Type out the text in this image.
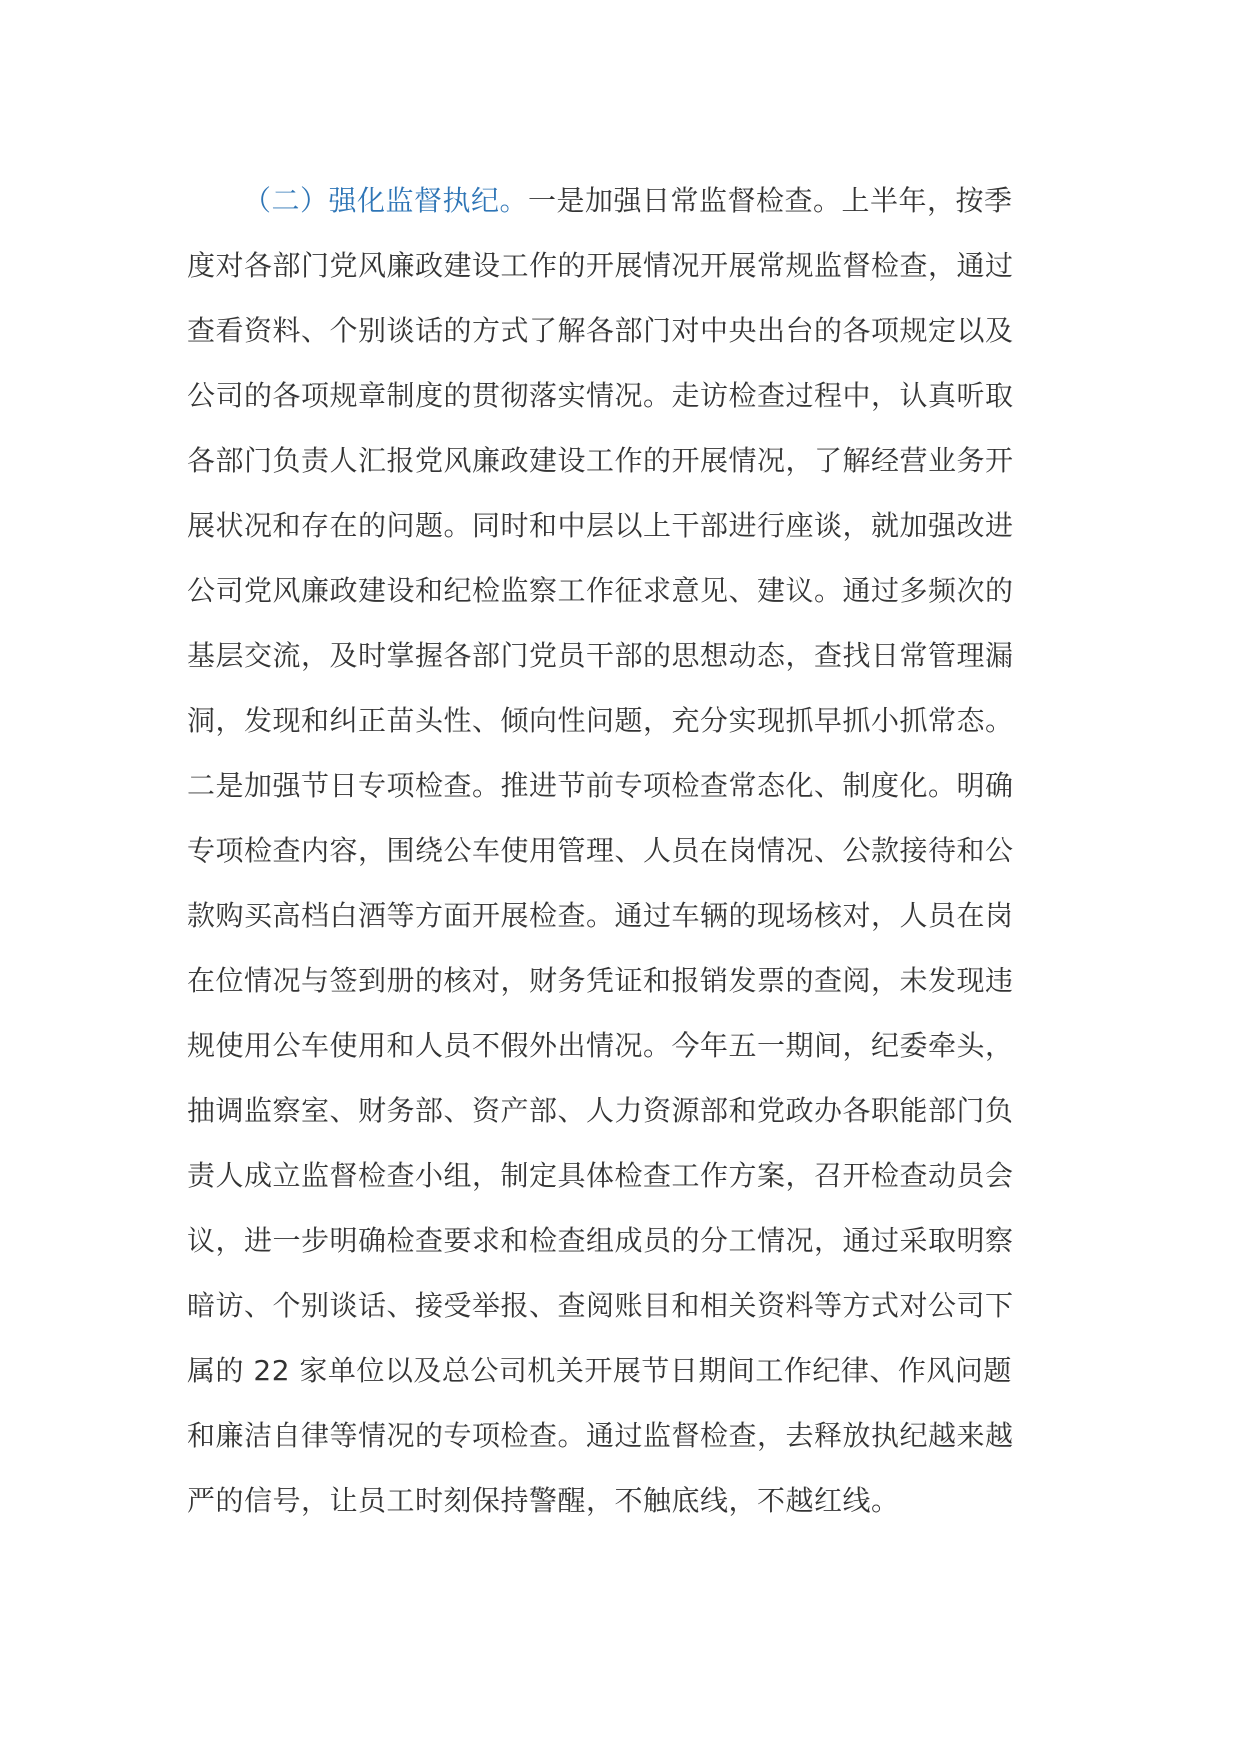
（二）强化监督执纪。一是加强日常监督检查。上半年，按季
度对各部门党风廉政建设工作的开展情况开展常规监督检查，通过
查看资料、个别谈话的方式了解各部门对中央出台的各项规定以及
公司的各项规章制度的贯彻落实情况。走访检查过程中，认真听取
各部门负责人汇报党风廉政建设工作的开展情况，了解经营业务开
展状况和存在的问题。同时和中层以上干部进行座谈，就加强改进
公司党风廉政建设和纪检监察工作征求意见、建议。通过多频次的
基层交流，及时掌握各部门党员干部的思想动态，查找日常管理漏
洞，发现和纠正苗头性、倾向性问题，充分实现抓早抓小抓常态。
二是加强节日专项检查。推进节前专项检查常态化、制度化。明确
专项检查内容，围绕公车使用管理、人员在岗情况、公款接待和公
款购买高档白酒等方面开展检查。通过车辆的现场核对，人员在岗
在位情况与签到册的核对，财务凭证和报销发票的查阅，未发现违
规使用公车使用和人员不假外出情况。今年五一期间，纪委牵头，
抽调监察室、财务部、资产部、人力资源部和党政办各职能部门负
责人成立监督检查小组，制定具体检查工作方案，召开检查动员会
议，进一步明确检查要求和检查组成员的分工情况，通过采取明察
暗访、个别谈话、接受举报、查阅账目和相关资料等方式对公司下
属的 22 家单位以及总公司机关开展节日期间工作纪律、作风问题
和廉洁自律等情况的专项检查。通过监督检查，去释放执纪越来越
严的信号，让员工时刻保持警醒，不触底线，不越红线。
